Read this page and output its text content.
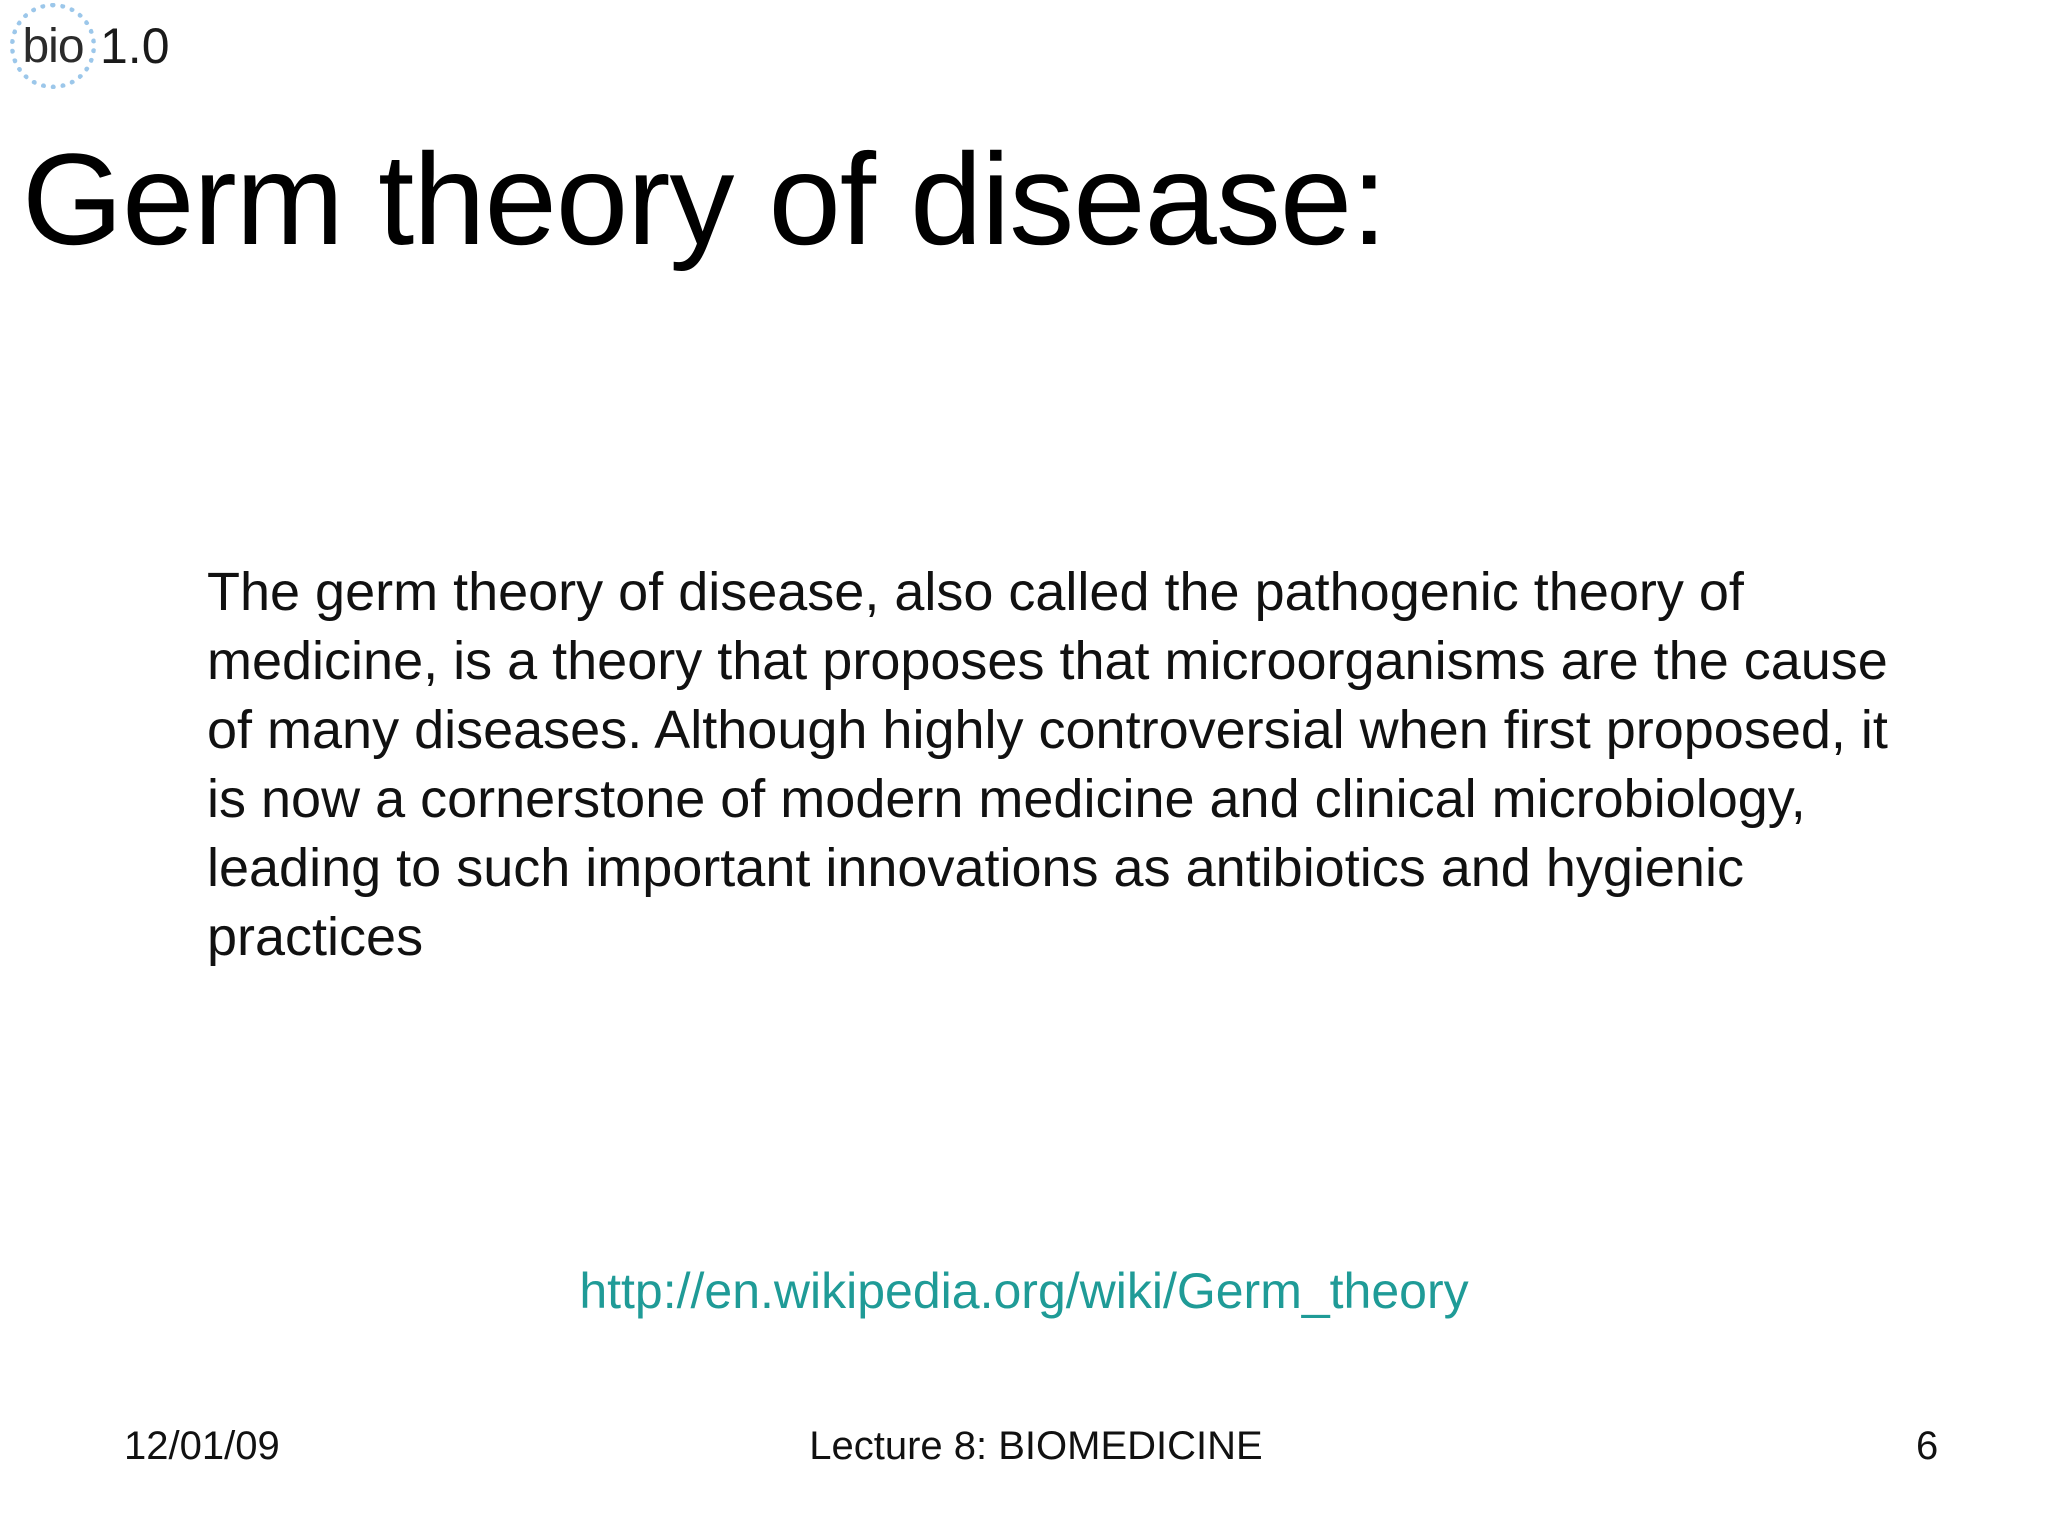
bio 1.0
Germ theory of disease:

The germ theory of disease, also called the pathogenic theory of medicine, is a theory that proposes that microorganisms are the cause of many diseases. Although highly controversial when first proposed, it is now a cornerstone of modern medicine and clinical microbiology, leading to such important innovations as antibiotics and hygienic practices

http://en.wikipedia.org/wiki/Germ_theory
12/01/09	Lecture 8: BIOMEDICINE	6
